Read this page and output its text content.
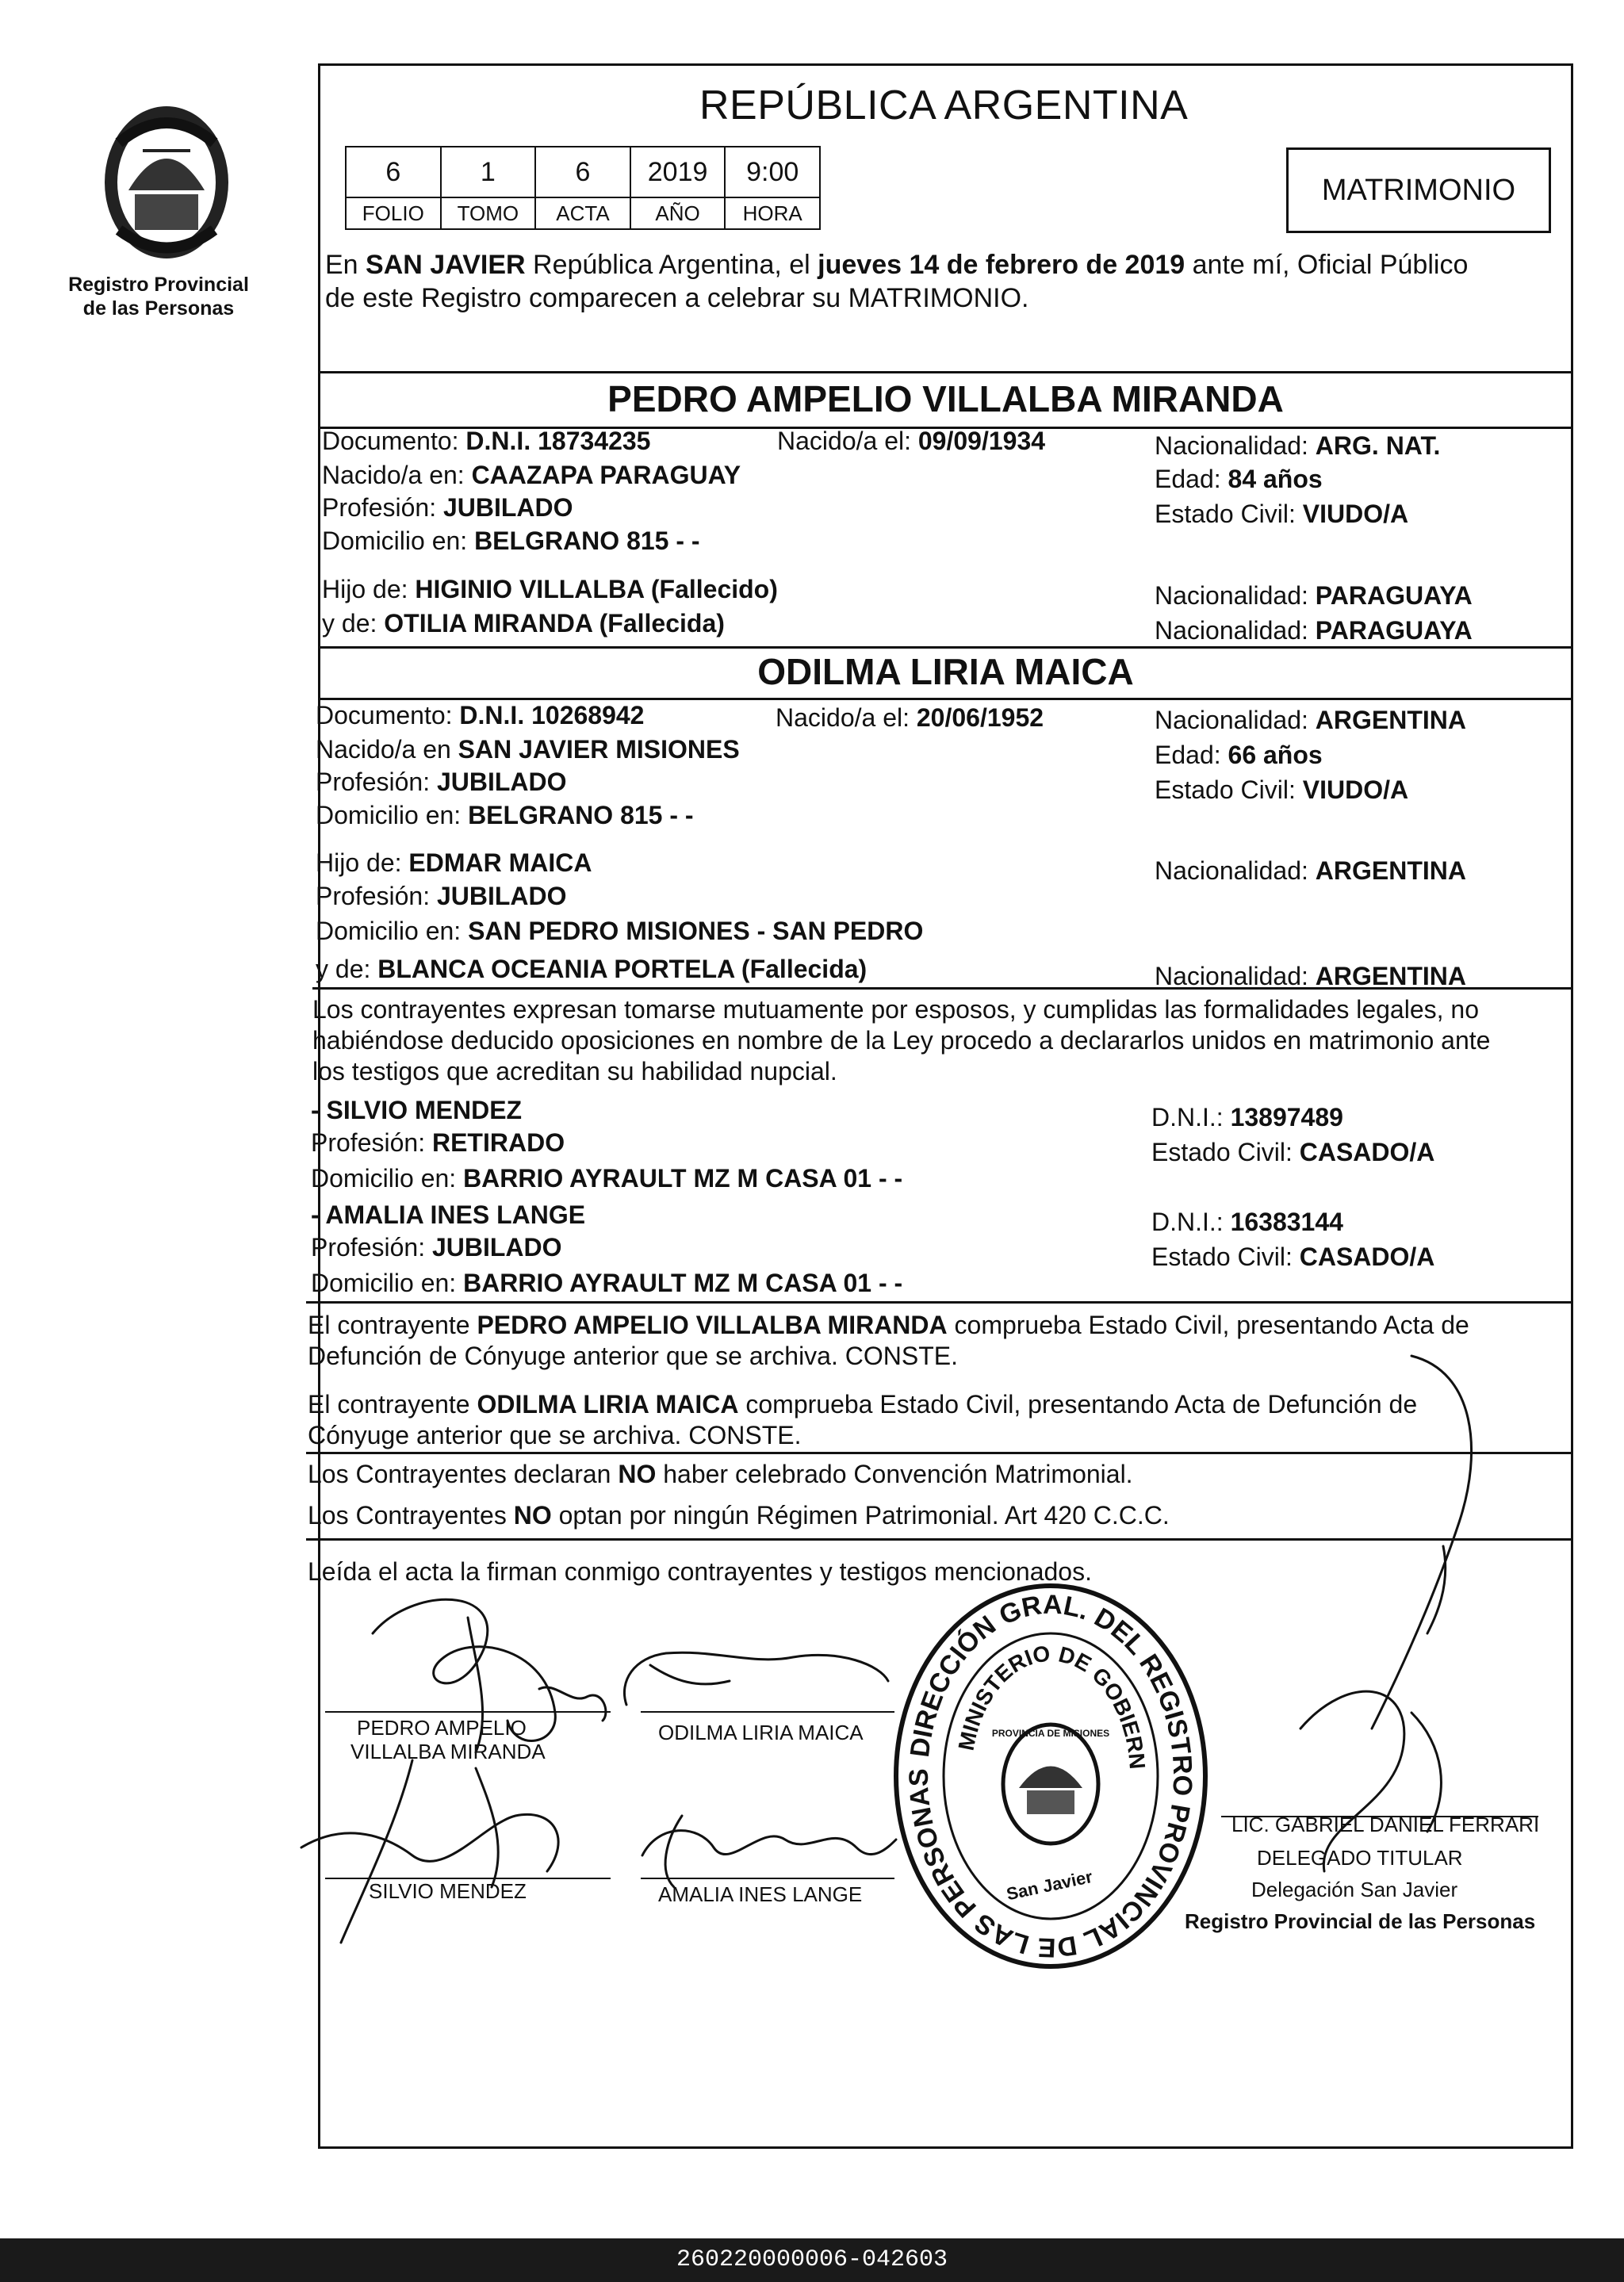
Registro Provincial
de las Personas
REPÚBLICA ARGENTINA
6	1	6	2019	9:00
FOLIO	TOMO	ACTA	AÑO	HORA
MATRIMONIO
En SAN JAVIER República Argentina, el jueves 14 de febrero de 2019 ante mí, Oficial Público
de este Registro comparecen a celebrar su MATRIMONIO.
PEDRO AMPELIO VILLALBA MIRANDA
Documento: D.N.I. 18734235	Nacido/a el: 09/09/1934	Nacionalidad: ARG. NAT.
Nacido/a en: CAAZAPA PARAGUAY	Edad: 84 años
Profesión: JUBILADO	Estado Civil: VIUDO/A
Domicilio en: BELGRANO 815 - -
Hijo de: HIGINIO VILLALBA (Fallecido)	Nacionalidad: PARAGUAYA
y de: OTILIA MIRANDA (Fallecida)	Nacionalidad: PARAGUAYA
ODILMA LIRIA MAICA
Documento: D.N.I. 10268942	Nacido/a el: 20/06/1952	Nacionalidad: ARGENTINA
Nacido/a en SAN JAVIER MISIONES	Edad: 66 años
Profesión: JUBILADO	Estado Civil: VIUDO/A
Domicilio en: BELGRANO 815 - -
Hijo de: EDMAR MAICA	Nacionalidad: ARGENTINA
Profesión: JUBILADO
Domicilio en: SAN PEDRO MISIONES - SAN PEDRO
y de: BLANCA OCEANIA PORTELA (Fallecida)	Nacionalidad: ARGENTINA
Los contrayentes expresan tomarse mutuamente por esposos, y cumplidas las formalidades legales, no
habiéndose deducido oposiciones en nombre de la Ley procedo a declararlos unidos en matrimonio ante
los testigos que acreditan su habilidad nupcial.
- SILVIO MENDEZ	D.N.I.: 13897489
Profesión: RETIRADO	Estado Civil: CASADO/A
Domicilio en: BARRIO AYRAULT MZ M CASA 01 - -
- AMALIA INES LANGE	D.N.I.: 16383144
Profesión: JUBILADO	Estado Civil: CASADO/A
Domicilio en: BARRIO AYRAULT MZ M CASA 01 - -
El contrayente PEDRO AMPELIO VILLALBA MIRANDA comprueba Estado Civil, presentando Acta de
Defunción de Cónyuge anterior que se archiva. CONSTE.
El contrayente ODILMA LIRIA MAICA comprueba Estado Civil, presentando Acta de Defunción de
Cónyuge anterior que se archiva. CONSTE.
Los Contrayentes declaran NO haber celebrado Convención Matrimonial.
Los Contrayentes NO optan por ningún Régimen Patrimonial. Art 420 C.C.C.
Leída el acta la firman conmigo contrayentes y testigos mencionados.
PEDRO AMPELIO
VILLALBA MIRANDA
ODILMA LIRIA MAICA
SILVIO MENDEZ	AMALIA INES LANGE
LIC. GABRIEL DANIEL FERRARI
DELEGADO TITULAR
Delegación San Javier
Registro Provincial de las Personas
DIRECCIÓN GRAL. DEL REGISTRO PROVINCIAL DE LAS PERSONAS
MINISTERIO DE GOBIERN
PROVINCIA DE MISIONES
San Javier
260220000006-042603
